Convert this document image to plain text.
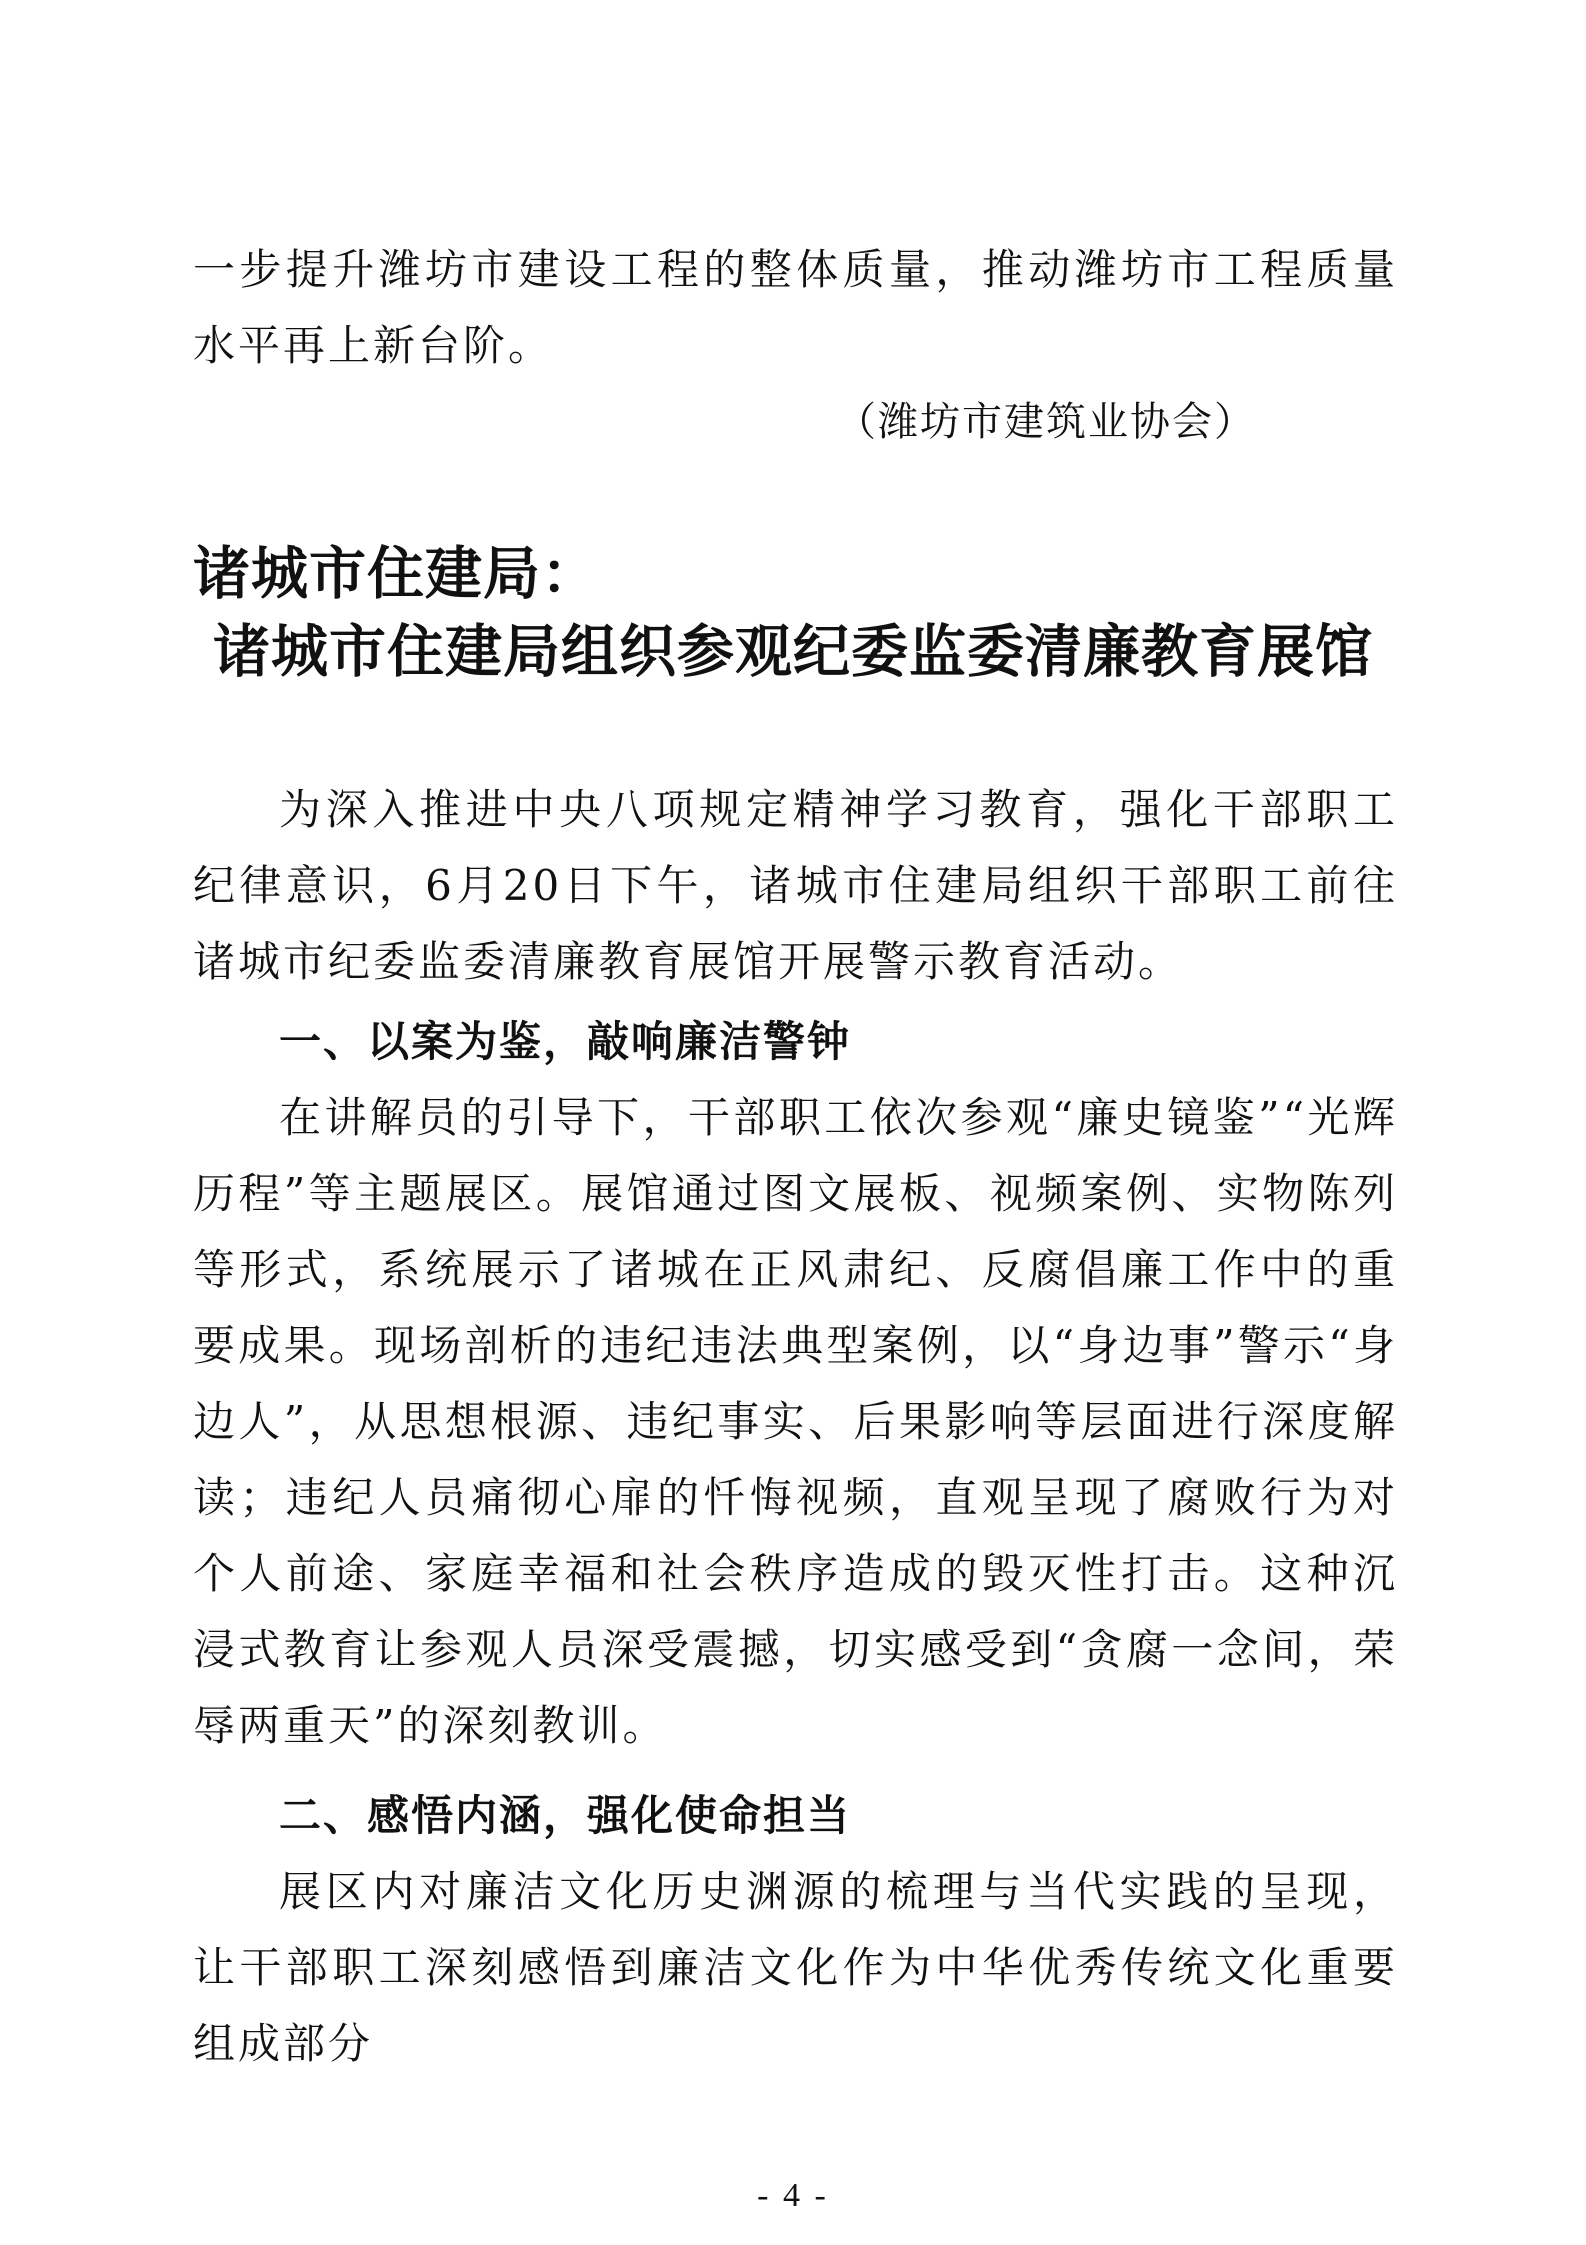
一步提升潍坊市建设工程的整体质量，推动潍坊市工程质量水平再上新台阶。

（潍坊市建筑业协会）

诸城市住建局：
诸城市住建局组织参观纪委监委清廉教育展馆

为深入推进中央八项规定精神学习教育，强化干部职工纪律意识，6月20日下午，诸城市住建局组织干部职工前往诸城市纪委监委清廉教育展馆开展警示教育活动。

一、以案为鉴，敲响廉洁警钟

在讲解员的引导下，干部职工依次参观“廉史镜鉴”“光辉历程”等主题展区。展馆通过图文展板、视频案例、实物陈列等形式，系统展示了诸城在正风肃纪、反腐倡廉工作中的重要成果。现场剖析的违纪违法典型案例，以“身边事”警示“身边人”，从思想根源、违纪事实、后果影响等层面进行深度解读；违纪人员痛彻心扉的忏悔视频，直观呈现了腐败行为对个人前途、家庭幸福和社会秩序造成的毁灭性打击。这种沉浸式教育让参观人员深受震撼，切实感受到“贪腐一念间，荣辱两重天”的深刻教训。

二、感悟内涵，强化使命担当

展区内对廉洁文化历史渊源的梳理与当代实践的呈现，让干部职工深刻感悟到廉洁文化作为中华优秀传统文化重要组成部分

- 4 -
